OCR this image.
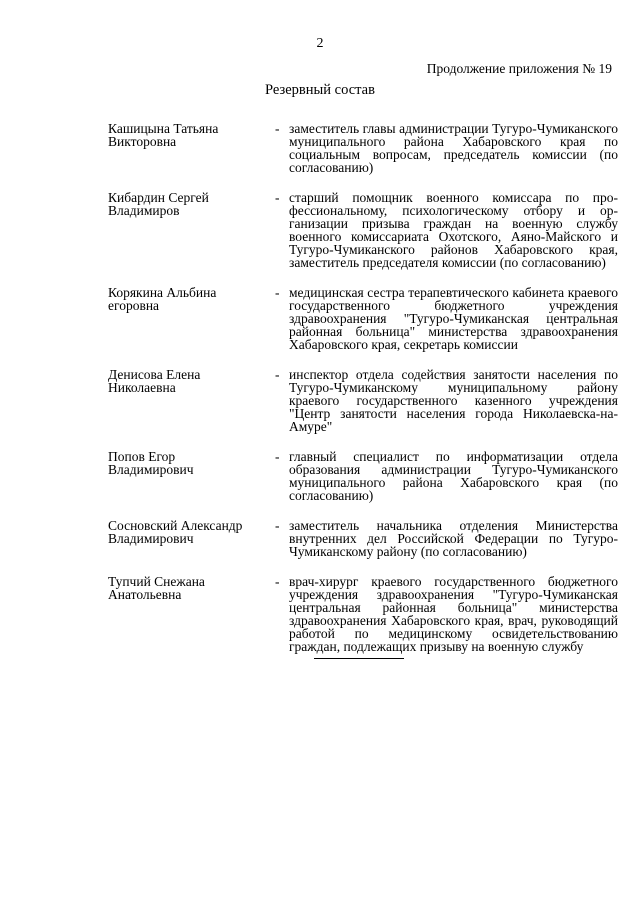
2
Продолжение приложения № 19
Резервный состав
Кашицына Татьяна
Викторовна
- заместитель главы администрации Тугуро-Чумиканского муниципального района Хабаровского края по социальным вопросам, председатель комиссии (по согласованию)
Кибардин Сергей
Владимиров
- старший помощник военного комиссара по профессиональному, психологическому отбору и организации призыва граждан на военную службу военного комиссариата Охотского, Аяно-Майского и Тугуро-Чумиканского районов Хабаровского края, заместитель председателя комиссии (по согласованию)
Корякина Альбина
егоровна
- медицинская сестра терапевтического кабинета краевого государственного бюджетного учреждения здравоохранения "Тугуро-Чумиканская центральная районная больница" министерства здравоохранения Хабаровского края, секретарь комиссии
Денисова Елена
Николаевна
- инспектор отдела содействия занятости населения по Тугуро-Чумиканскому муниципальному району краевого государственного казенного учреждения "Центр занятости населения города Николаевска-на-Амуре"
Попов Егор
Владимирович
- главный специалист по информатизации отдела образования администрации Тугуро-Чумиканского муниципального района Хабаровского края (по согласованию)
Сосновский Александр
Владимирович
- заместитель начальника отделения Министерства внутренних дел Российской Федерации по Тугуро-Чумиканскому району (по согласованию)
Тупчий Снежана
Анатольевна
- врач-хирург краевого государственного бюджетного учреждения здравоохранения "Тугуро-Чумиканская центральная районная больница" министерства здравоохранения Хабаровского края, врач, руководящий работой по медицинскому освидетельствованию граждан, подлежащих призыву на военную службу
